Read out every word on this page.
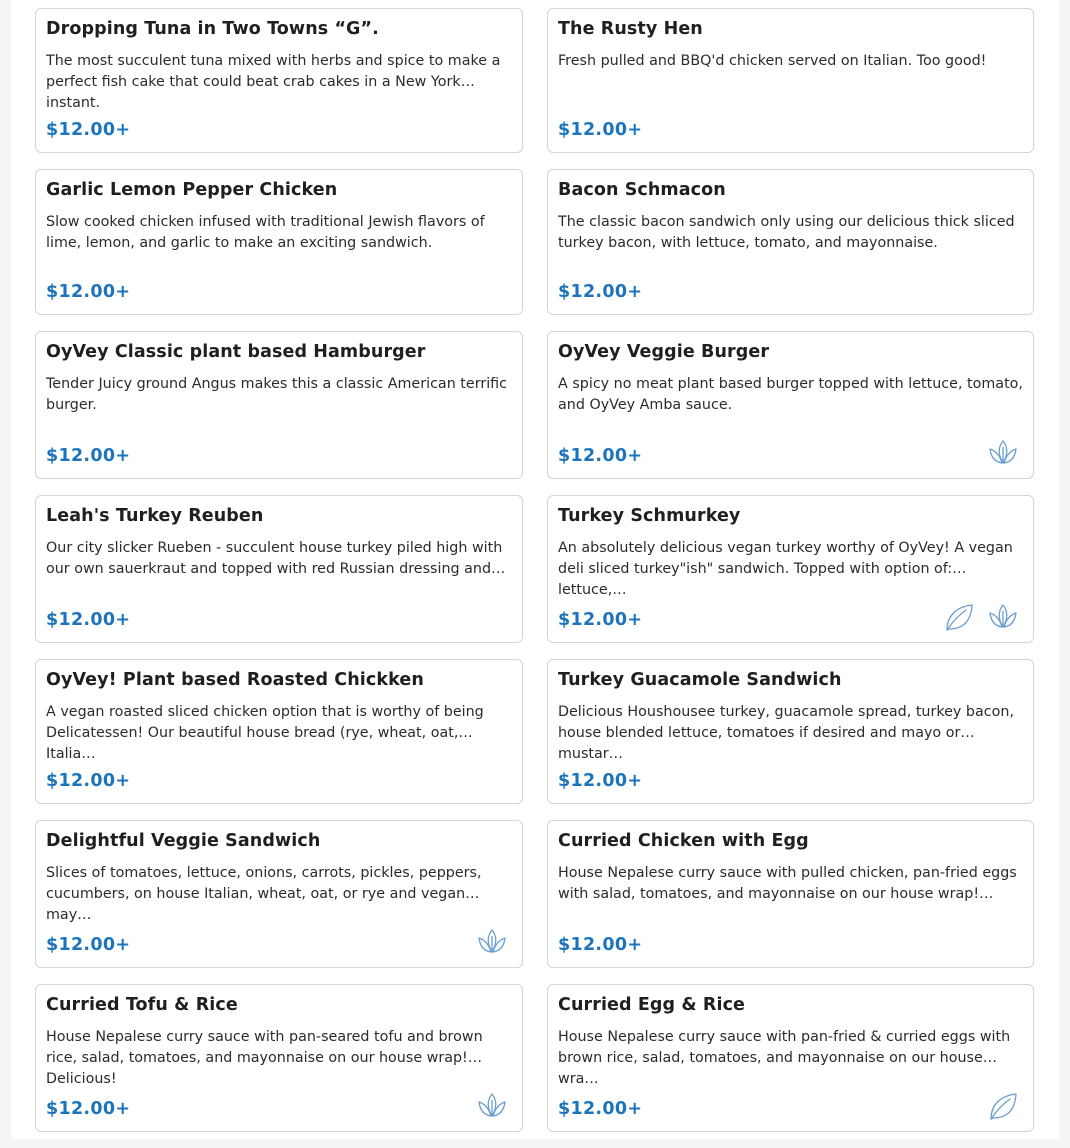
Dropping Tuna in Two Towns “G”.
The most succulent tuna mixed with herbs and spice to make a perfect fish cake that could beat crab cakes in a New York instant.
$12.00+
The Rusty Hen
Fresh pulled and BBQ'd chicken served on Italian. Too good!
$12.00+
Garlic Lemon Pepper Chicken
Slow cooked chicken infused with traditional Jewish flavors of lime, lemon, and garlic to make an exciting sandwich.
$12.00+
Bacon Schmacon
The classic bacon sandwich only using our delicious thick sliced turkey bacon, with lettuce, tomato, and mayonnaise.
$12.00+
OyVey Classic plant based Hamburger
Tender Juicy ground Angus makes this a classic American terrific burger.
$12.00+
OyVey Veggie Burger
A spicy no meat plant based burger topped with lettuce, tomato, and OyVey Amba sauce.
$12.00+
Leah's Turkey Reuben
Our city slicker Rueben - succulent house turkey piled high with our own sauerkraut and topped with red Russian dressing and…
$12.00+
Turkey Schmurkey
An absolutely delicious vegan turkey worthy of OyVey! A vegan deli sliced turkey"ish" sandwich. Topped with option of: lettuce,…
$12.00+
OyVey! Plant based Roasted Chickken
A vegan roasted sliced chicken option that is worthy of being Delicatessen! Our beautiful house bread (rye, wheat, oat, Italia…
$12.00+
Turkey Guacamole Sandwich
Delicious Houshousee turkey, guacamole spread, turkey bacon, house blended lettuce, tomatoes if desired and mayo or mustar…
$12.00+
Delightful Veggie Sandwich
Slices of tomatoes, lettuce, onions, carrots, pickles, peppers, cucumbers, on house Italian, wheat, oat, or rye and vegan may…
$12.00+
Curried Chicken with Egg
House Nepalese curry sauce with pulled chicken, pan-fried eggs with salad, tomatoes, and mayonnaise on our house wrap!…
$12.00+
Curried Tofu & Rice
House Nepalese curry sauce with pan-seared tofu and brown rice, salad, tomatoes, and mayonnaise on our house wrap! Delicious!
$12.00+
Curried Egg & Rice
House Nepalese curry sauce with pan-fried & curried eggs with brown rice, salad, tomatoes, and mayonnaise on our house wra…
$12.00+
